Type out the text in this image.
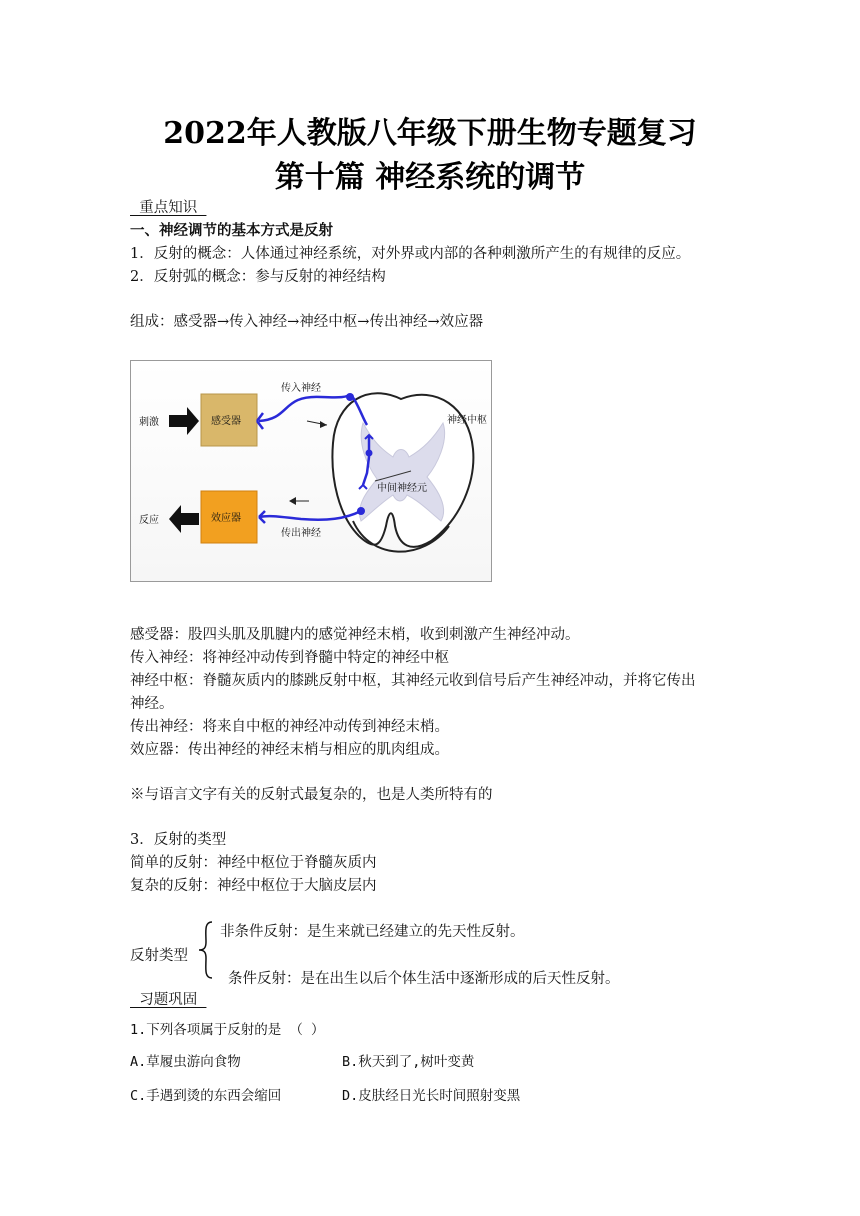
2022年人教版八年级下册生物专题复习
第十篇 神经系统的调节
重点知识
一、神经调节的基本方式是反射
1．反射的概念：人体通过神经系统，对外界或内部的各种刺激所产生的有规律的反应。
2．反射弧的概念：参与反射的神经结构
组成：感受器→传入神经→神经中枢→传出神经→效应器
刺激	感受器
传入神经
神经中枢
中间神经元
效应器
反应
传出神经
感受器：股四头肌及肌腱内的感觉神经末梢，收到刺激产生神经冲动。
传入神经：将神经冲动传到脊髓中特定的神经中枢
神经中枢：脊髓灰质内的膝跳反射中枢，其神经元收到信号后产生神经冲动，并将它传出
神经。
传出神经：将来自中枢的神经冲动传到神经末梢。
效应器：传出神经的神经末梢与相应的肌肉组成。
※与语言文字有关的反射式最复杂的，也是人类所特有的
3．反射的类型
简单的反射：神经中枢位于脊髓灰质内
复杂的反射：神经中枢位于大脑皮层内
反射类型
非条件反射：是生来就已经建立的先天性反射。
条件反射：是在出生以后个体生活中逐渐形成的后天性反射。
习题巩固
1.下列各项属于反射的是 （ ）
A.草履虫游向食物	B.秋天到了,树叶变黄
C.手遇到烫的东西会缩回	D.皮肤经日光长时间照射变黑
